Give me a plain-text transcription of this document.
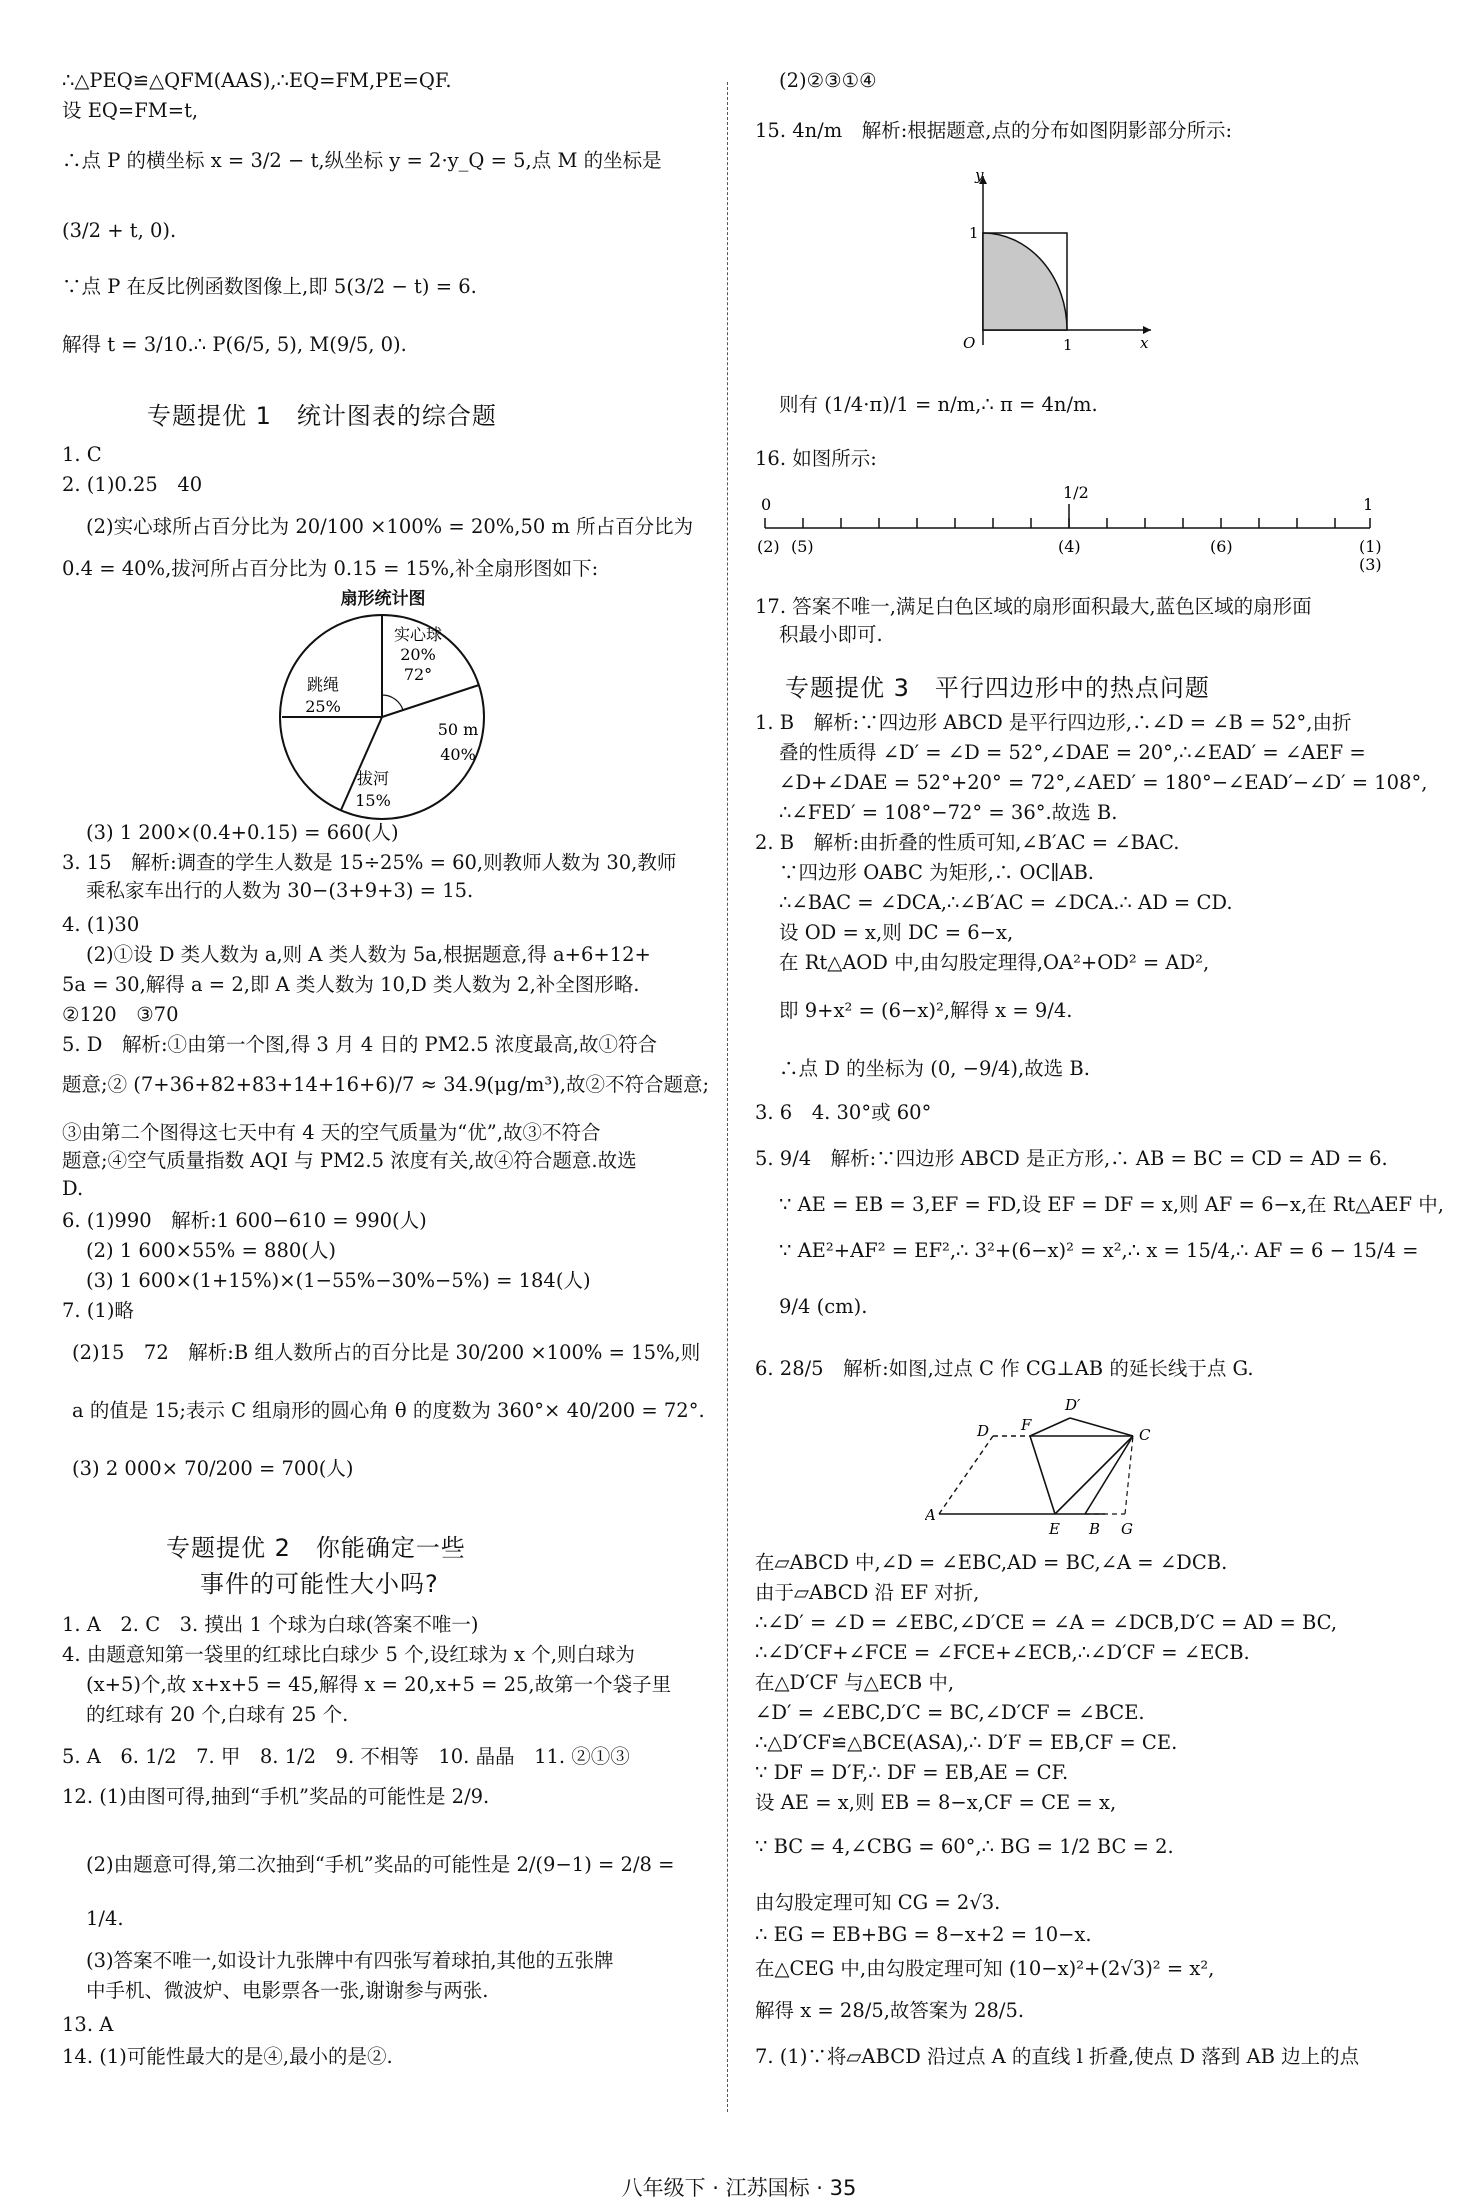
∴△PEQ≌△QFM(AAS),∴EQ=FM,PE=QF.
设 EQ=FM=t,
∴点 P 的横坐标 x = 3/2 − t,纵坐标 y = 2·y_Q = 5,点 M 的坐标是
(3/2 + t, 0).
∵点 P 在反比例函数图像上,即 5(3/2 − t) = 6.
解得 t = 3/10.∴ P(6/5, 5), M(9/5, 0).
专题提优 1　统计图表的综合题
1. C
2. (1)0.25　40
(2)实心球所占百分比为 20/100 ×100% = 20%,50 m 所占百分比为
0.4 = 40%,拔河所占百分比为 0.15 = 15%,补全扇形图如下:
扇形统计图
实心球
20%
72°
50 m
40%
拔河
15%
跳绳
25%
(3) 1 200×(0.4+0.15) = 660(人)
3. 15　解析:调查的学生人数是 15÷25% = 60,则教师人数为 30,教师
乘私家车出行的人数为 30−(3+9+3) = 15.
4. (1)30
(2)①设 D 类人数为 a,则 A 类人数为 5a,根据题意,得 a+6+12+
5a = 30,解得 a = 2,即 A 类人数为 10,D 类人数为 2,补全图形略.
②120　③70
5. D　解析:①由第一个图,得 3 月 4 日的 PM2.5 浓度最高,故①符合
题意;② (7+36+82+83+14+16+6)/7 ≈ 34.9(μg/m³),故②不符合题意;
③由第二个图得这七天中有 4 天的空气质量为“优”,故③不符合
题意;④空气质量指数 AQI 与 PM2.5 浓度有关,故④符合题意.故选
D.
6. (1)990　解析:1 600−610 = 990(人)
(2) 1 600×55% = 880(人)
(3) 1 600×(1+15%)×(1−55%−30%−5%) = 184(人)
7. (1)略
(2)15　72　解析:B 组人数所占的百分比是 30/200 ×100% = 15%,则
a 的值是 15;表示 C 组扇形的圆心角 θ 的度数为 360°× 40/200 = 72°.
(3) 2 000× 70/200 = 700(人)
专题提优 2　你能确定一些
事件的可能性大小吗?
1. A　2. C　3. 摸出 1 个球为白球(答案不唯一)
4. 由题意知第一袋里的红球比白球少 5 个,设红球为 x 个,则白球为
(x+5)个,故 x+x+5 = 45,解得 x = 20,x+5 = 25,故第一个袋子里
的红球有 20 个,白球有 25 个.
5. A　6. 1/2　7. 甲　8. 1/2　9. 不相等　10. 晶晶　11. ②①③
12. (1)由图可得,抽到“手机”奖品的可能性是 2/9.
(2)由题意可得,第二次抽到“手机”奖品的可能性是 2/(9−1) = 2/8 =
1/4.
(3)答案不唯一,如设计九张牌中有四张写着球拍,其他的五张牌
中手机、微波炉、电影票各一张,谢谢参与两张.
13. A
14. (1)可能性最大的是④,最小的是②.
(2)②③①④
15. 4n/m　解析:根据题意,点的分布如图阴影部分所示:
y
x
O	1
1
则有 (1/4·π)/1 = n/m,∴ π = 4n/m.
16. 如图所示:
0
1/2
1
(2) (5)	(4)	(6)	(1)
(3)
17. 答案不唯一,满足白色区域的扇形面积最大,蓝色区域的扇形面
积最小即可.
专题提优 3　平行四边形中的热点问题
1. B　解析:∵四边形 ABCD 是平行四边形,∴∠D = ∠B = 52°,由折
叠的性质得 ∠D′ = ∠D = 52°,∠DAE = 20°,∴∠EAD′ = ∠AEF =
∠D+∠DAE = 52°+20° = 72°,∠AED′ = 180°−∠EAD′−∠D′ = 108°,
∴∠FED′ = 108°−72° = 36°.故选 B.
2. B　解析:由折叠的性质可知,∠B′AC = ∠BAC.
∵四边形 OABC 为矩形,∴ OC∥AB.
∴∠BAC = ∠DCA,∴∠B′AC = ∠DCA.∴ AD = CD.
设 OD = x,则 DC = 6−x,
在 Rt△AOD 中,由勾股定理得,OA²+OD² = AD²,
即 9+x² = (6−x)²,解得 x = 9/4.
∴点 D 的坐标为 (0, −9/4),故选 B.
3. 6　4. 30°或 60°
5. 9/4　解析:∵四边形 ABCD 是正方形,∴ AB = BC = CD = AD = 6.
∵ AE = EB = 3,EF = FD,设 EF = DF = x,则 AF = 6−x,在 Rt△AEF 中,
∵ AE²+AF² = EF²,∴ 3²+(6−x)² = x²,∴ x = 15/4,∴ AF = 6 − 15/4 =
9/4 (cm).
6. 28/5　解析:如图,过点 C 作 CG⊥AB 的延长线于点 G.
D′
D F
C
A
E B G
在▱ABCD 中,∠D = ∠EBC,AD = BC,∠A = ∠DCB.
由于▱ABCD 沿 EF 对折,
∴∠D′ = ∠D = ∠EBC,∠D′CE = ∠A = ∠DCB,D′C = AD = BC,
∴∠D′CF+∠FCE = ∠FCE+∠ECB,∴∠D′CF = ∠ECB.
在△D′CF 与△ECB 中,
∠D′ = ∠EBC,D′C = BC,∠D′CF = ∠BCE.
∴△D′CF≌△BCE(ASA),∴ D′F = EB,CF = CE.
∵ DF = D′F,∴ DF = EB,AE = CF.
设 AE = x,则 EB = 8−x,CF = CE = x,
∵ BC = 4,∠CBG = 60°,∴ BG = 1/2 BC = 2.
由勾股定理可知 CG = 2√3.
∴ EG = EB+BG = 8−x+2 = 10−x.
在△CEG 中,由勾股定理可知 (10−x)²+(2√3)² = x²,
解得 x = 28/5,故答案为 28/5.
7. (1)∵将▱ABCD 沿过点 A 的直线 l 折叠,使点 D 落到 AB 边上的点
八年级下 · 江苏国标 · 35
